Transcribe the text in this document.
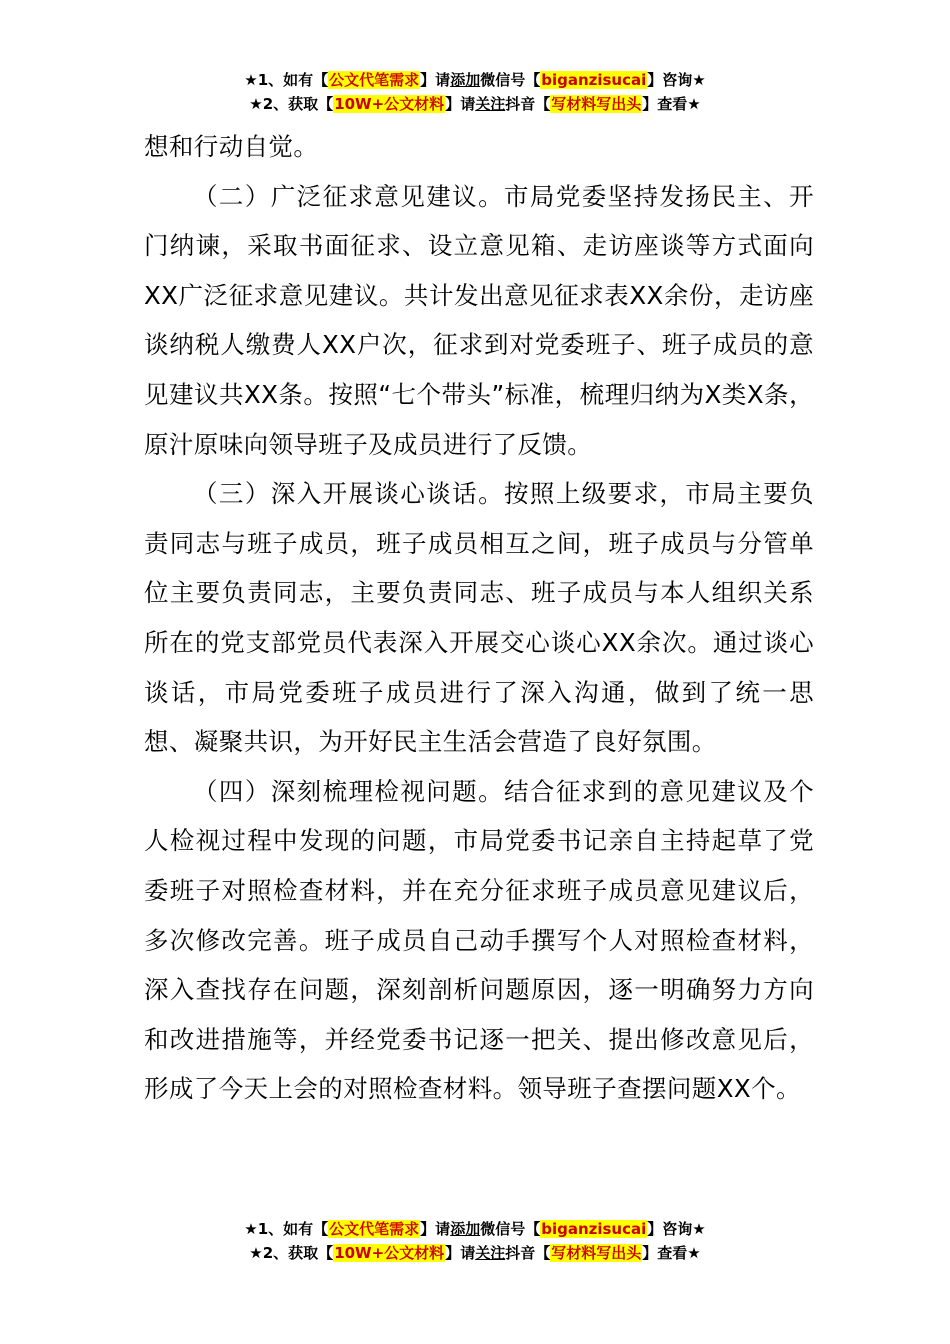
★1、如有【公文代笔需求】请添加微信号【biganzisucai】咨询★
★2、获取【10W+公文材料】请关注抖音【写材料写出头】查看★

想和行动自觉。

（二）广泛征求意见建议。市局党委坚持发扬民主、开门纳谏，采取书面征求、设立意见箱、走访座谈等方式面向XX广泛征求意见建议。共计发出意见征求表XX余份，走访座谈纳税人缴费人XX户次，征求到对党委班子、班子成员的意见建议共XX条。按照“七个带头”标准，梳理归纳为X类X条，原汁原味向领导班子及成员进行了反馈。

（三）深入开展谈心谈话。按照上级要求，市局主要负责同志与班子成员，班子成员相互之间，班子成员与分管单位主要负责同志，主要负责同志、班子成员与本人组织关系所在的党支部党员代表深入开展交心谈心XX余次。通过谈心谈话，市局党委班子成员进行了深入沟通，做到了统一思想、凝聚共识，为开好民主生活会营造了良好氛围。

（四）深刻梳理检视问题。结合征求到的意见建议及个人检视过程中发现的问题，市局党委书记亲自主持起草了党委班子对照检查材料，并在充分征求班子成员意见建议后，多次修改完善。班子成员自己动手撰写个人对照检查材料，深入查找存在问题，深刻剖析问题原因，逐一明确努力方向和改进措施等，并经党委书记逐一把关、提出修改意见后，形成了今天上会的对照检查材料。领导班子查摆问题XX个。

★1、如有【公文代笔需求】请添加微信号【biganzisucai】咨询★
★2、获取【10W+公文材料】请关注抖音【写材料写出头】查看★
